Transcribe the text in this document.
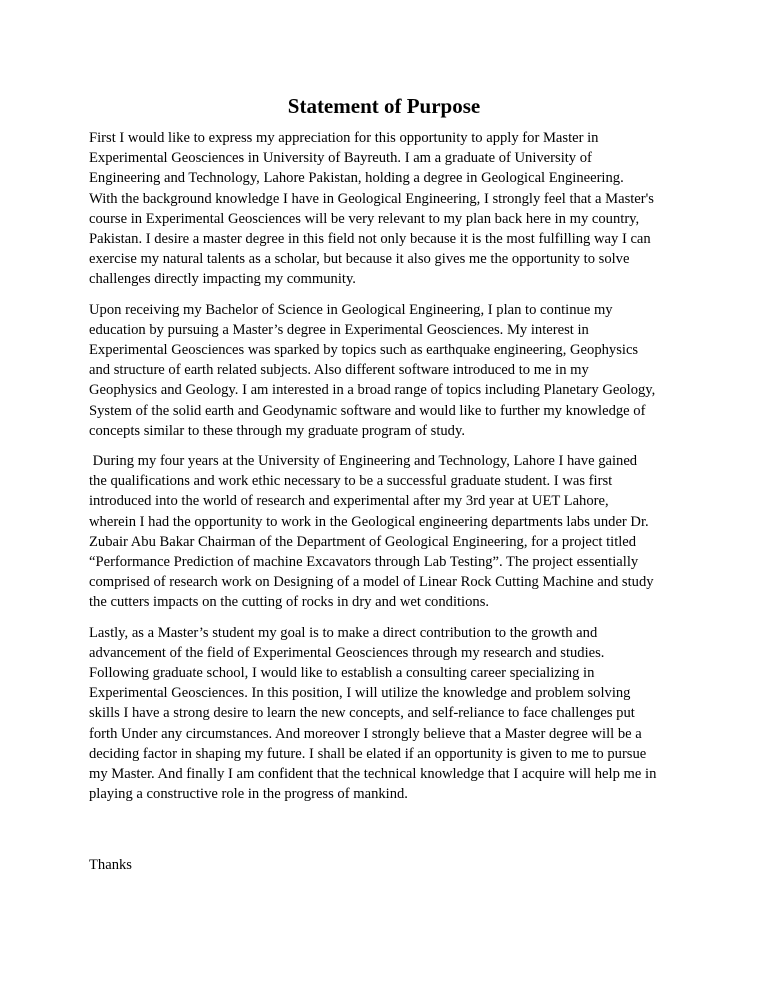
Statement of Purpose

First I would like to express my appreciation for this opportunity to apply for Master in
Experimental Geosciences in University of Bayreuth. I am a graduate of University of
Engineering and Technology, Lahore Pakistan, holding a degree in Geological Engineering.
With the background knowledge I have in Geological Engineering, I strongly feel that a Master's
course in Experimental Geosciences will be very relevant to my plan back here in my country,
Pakistan. I desire a master degree in this field not only because it is the most fulfilling way I can
exercise my natural talents as a scholar, but because it also gives me the opportunity to solve
challenges directly impacting my community.

Upon receiving my Bachelor of Science in Geological Engineering, I plan to continue my
education by pursuing a Master’s degree in Experimental Geosciences. My interest in
Experimental Geosciences was sparked by topics such as earthquake engineering, Geophysics
and structure of earth related subjects. Also different software introduced to me in my
Geophysics and Geology. I am interested in a broad range of topics including Planetary Geology,
System of the solid earth and Geodynamic software and would like to further my knowledge of
concepts similar to these through my graduate program of study.

During my four years at the University of Engineering and Technology, Lahore I have gained
the qualifications and work ethic necessary to be a successful graduate student. I was first
introduced into the world of research and experimental after my 3rd year at UET Lahore,
wherein I had the opportunity to work in the Geological engineering departments labs under Dr.
Zubair Abu Bakar Chairman of the Department of Geological Engineering, for a project titled
“Performance Prediction of machine Excavators through Lab Testing”. The project essentially
comprised of research work on Designing of a model of Linear Rock Cutting Machine and study
the cutters impacts on the cutting of rocks in dry and wet conditions.

Lastly, as a Master’s student my goal is to make a direct contribution to the growth and
advancement of the field of Experimental Geosciences through my research and studies.
Following graduate school, I would like to establish a consulting career specializing in
Experimental Geosciences. In this position, I will utilize the knowledge and problem solving
skills I have a strong desire to learn the new concepts, and self-reliance to face challenges put
forth Under any circumstances. And moreover I strongly believe that a Master degree will be a
deciding factor in shaping my future. I shall be elated if an opportunity is given to me to pursue
my Master. And finally I am confident that the technical knowledge that I acquire will help me in
playing a constructive role in the progress of mankind.

Thanks
